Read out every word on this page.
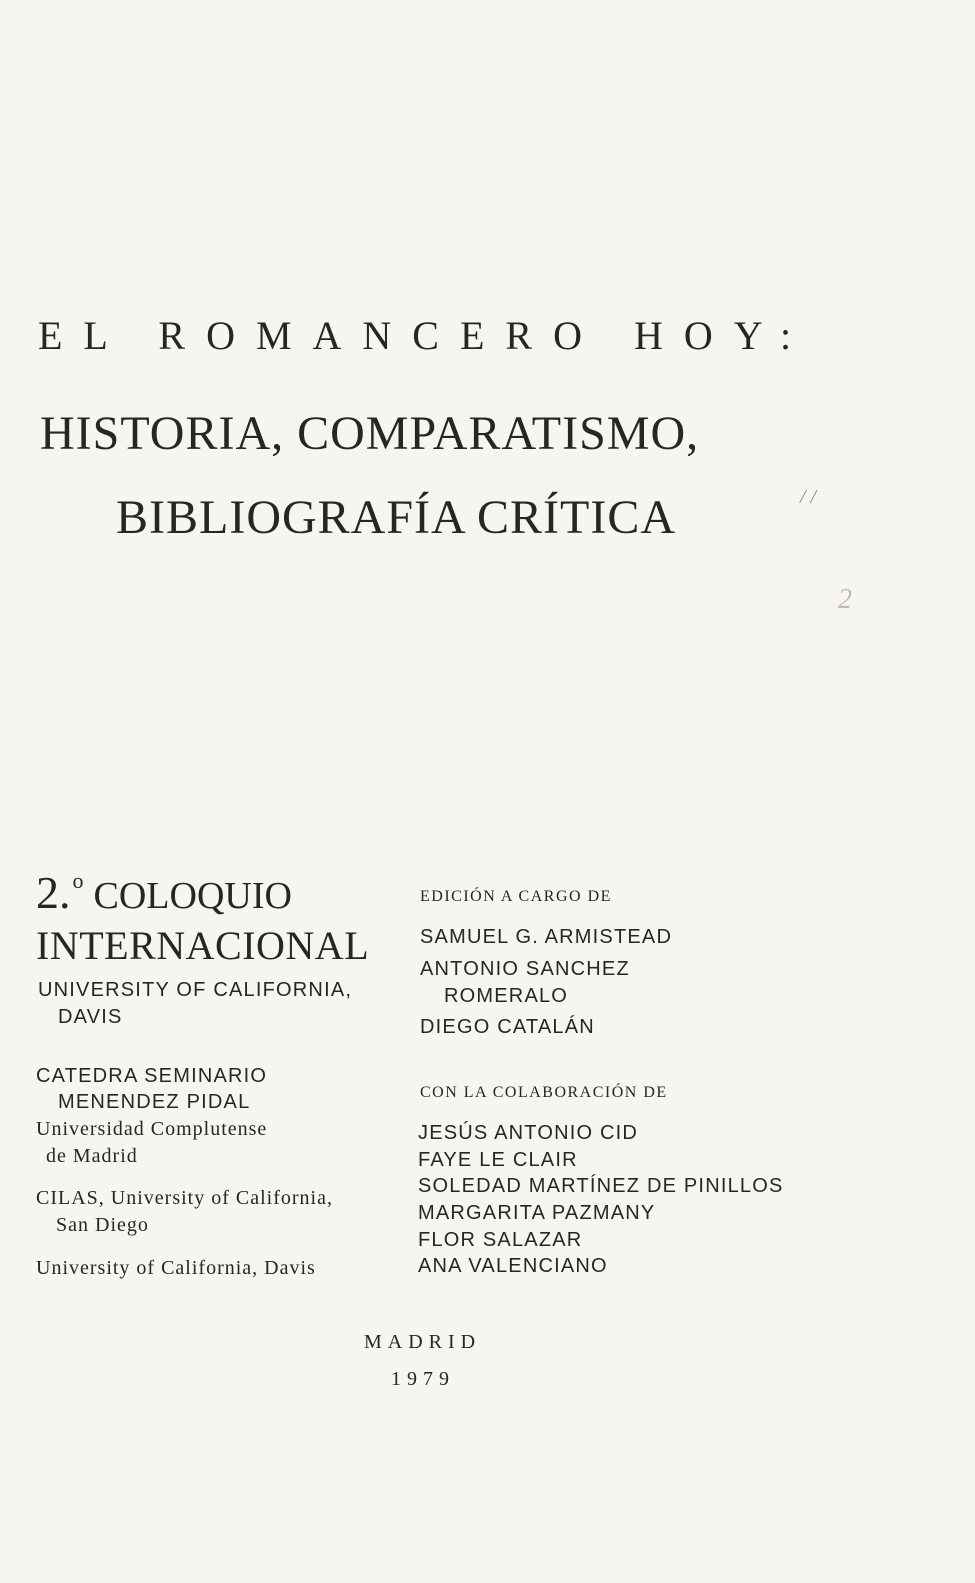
EL ROMANCERO HOY:
HISTORIA, COMPARATISMO,
BIBLIOGRAFÍA CRÍTICA	/ /
2
2.$^o$ COLOQUIO
INTERNACIONAL
UNIVERSITY OF CALIFORNIA,
DAVIS
CATEDRA SEMINARIO
MENENDEZ PIDAL
Universidad Complutense
de Madrid
CILAS, University of California,
San Diego
University of California, Davis
EDICIÓN A CARGO DE
SAMUEL G. ARMISTEAD
ANTONIO SANCHEZ
ROMERALO
DIEGO CATALÁN
CON LA COLABORACIÓN DE
JESÚS ANTONIO CID
FAYE LE CLAIR
SOLEDAD MARTÍNEZ DE PINILLOS
MARGARITA PAZMANY
FLOR SALAZAR
ANA VALENCIANO
MADRID
1979
